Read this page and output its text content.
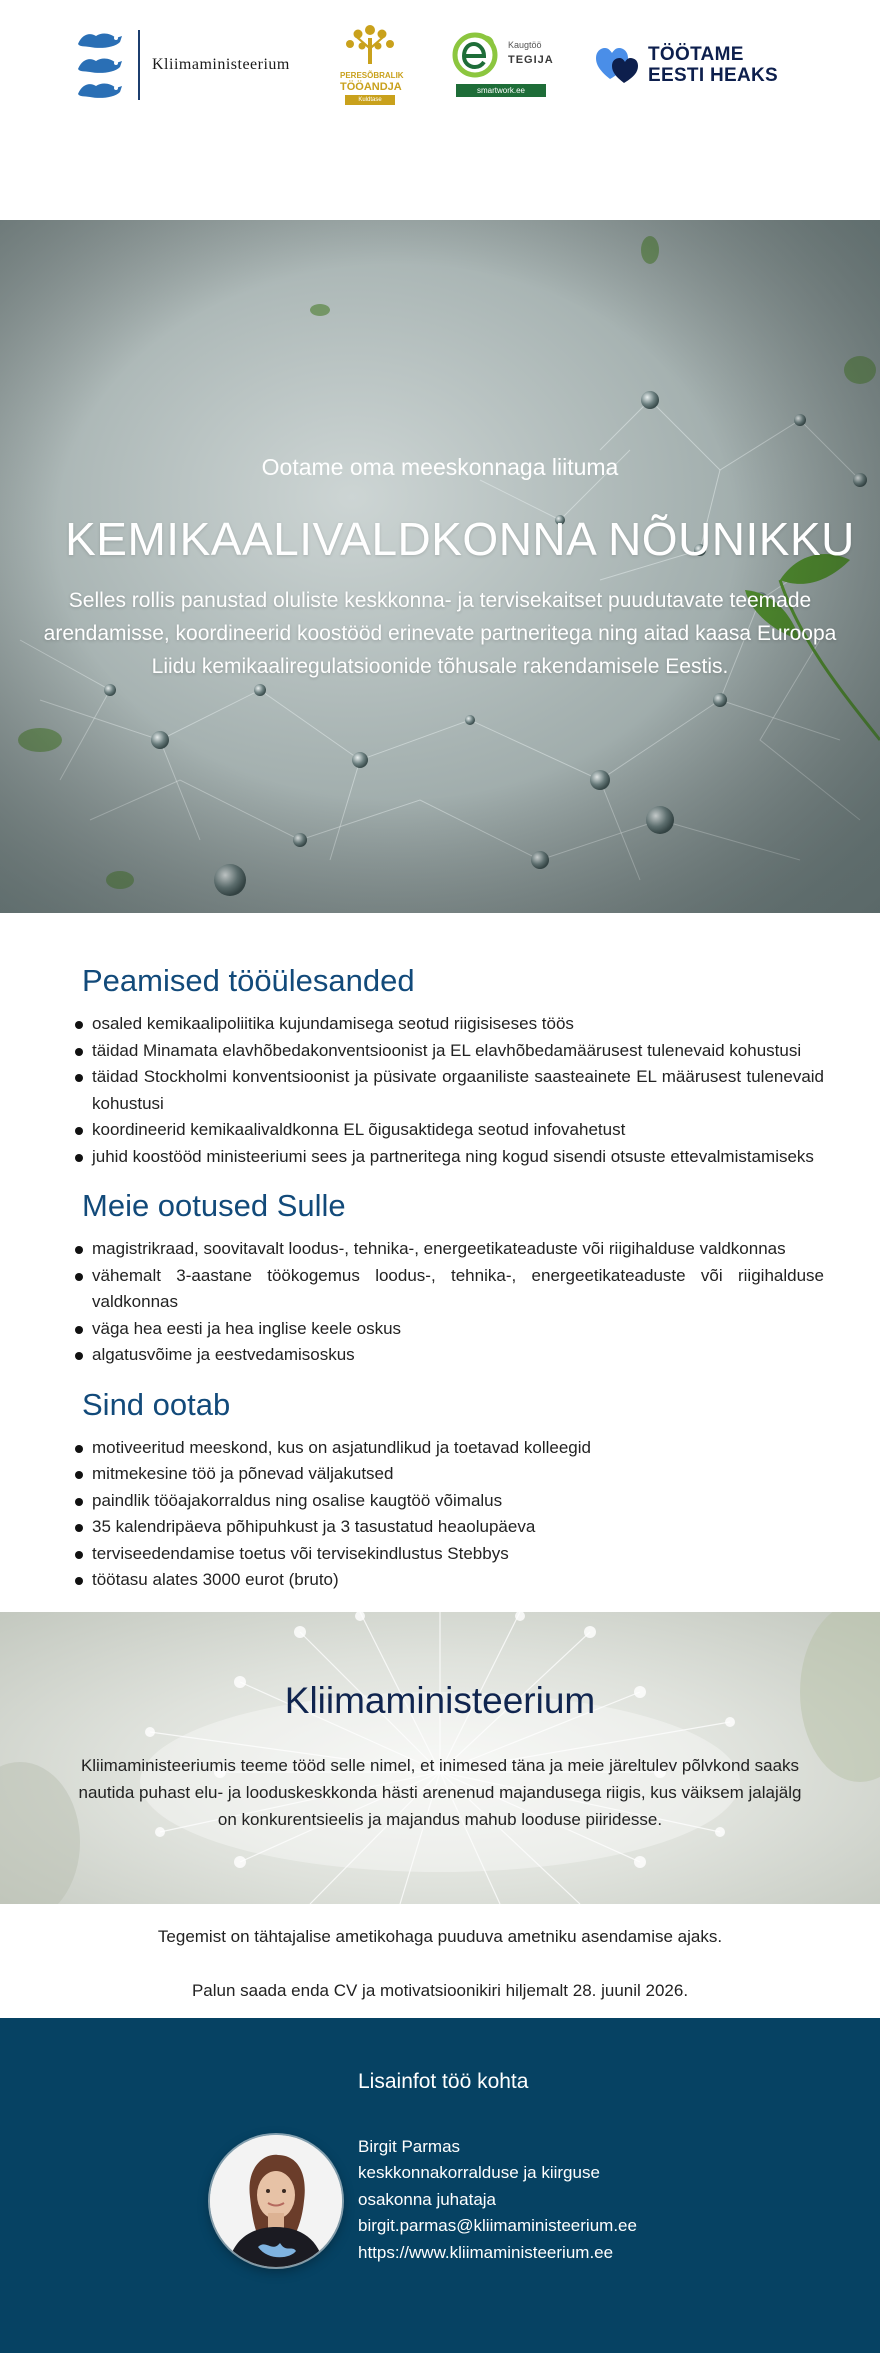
Kliimaministeerium
PERESÕBRALIK
TÖÖANDJA
Kuldtase
Kaugtöö
TEGIJA
smartwork.ee
TÖÖTAME
EESTI HEAKS
Ootame oma meeskonnaga liituma
KEMIKAALIVALDKONNA NÕUNIKKU

Selles rollis panustad oluliste keskkonna- ja tervisekaitset puudutavate teemade arendamisse, koordineerid koostööd erinevate partneritega ning aitad kaasa Euroopa Liidu kemikaaliregulatsioonide tõhusale rakendamisele Eestis.

Peamised tööülesanded
osaled kemikaalipoliitika kujundamisega seotud riigisiseses töös
täidad Minamata elavhõbedakonventsioonist ja EL elavhõbedamäärusest tulenevaid kohustusi
täidad Stockholmi konventsioonist ja püsivate orgaaniliste saasteainete EL määrusest tulenevaid kohustusi
koordineerid kemikaalivaldkonna EL õigusaktidega seotud infovahetust
juhid koostööd ministeeriumi sees ja partneritega ning kogud sisendi otsuste ettevalmistamiseks
Meie ootused Sulle
magistrikraad, soovitavalt loodus-, tehnika-, energeetikateaduste või riigihalduse valdkonnas
vähemalt 3-aastane töökogemus loodus-, tehnika-, energeetikateaduste või riigihalduse valdkonnas
väga hea eesti ja hea inglise keele oskus
algatusvõime ja eestvedamisoskus
Sind ootab
motiveeritud meeskond, kus on asjatundlikud ja toetavad kolleegid
mitmekesine töö ja põnevad väljakutsed
paindlik tööajakorraldus ning osalise kaugtöö võimalus
35 kalendripäeva põhipuhkust ja 3 tasustatud heaolupäeva
terviseedendamise toetus või tervisekindlustus Stebbys
töötasu alates 3000 eurot (bruto)
Kliimaministeerium

Kliimaministeeriumis teeme tööd selle nimel, et inimesed täna ja meie järeltulev põlvkond saaks nautida puhast elu- ja looduskeskkonda hästi arenenud majandusega riigis, kus väiksem jalajälg on konkurentsieelis ja majandus mahub looduse piiridesse.

Tegemist on tähtajalise ametikohaga puuduva ametniku asendamise ajaks.

Palun saada enda CV ja motivatsioonikiri hiljemalt 28. juunil 2026.

Lisainfot töö kohta
Birgit Parmas
keskkonnakorralduse ja kiirguse
osakonna juhataja
birgit.parmas@kliimaministeerium.ee
https://www.kliimaministeerium.ee
